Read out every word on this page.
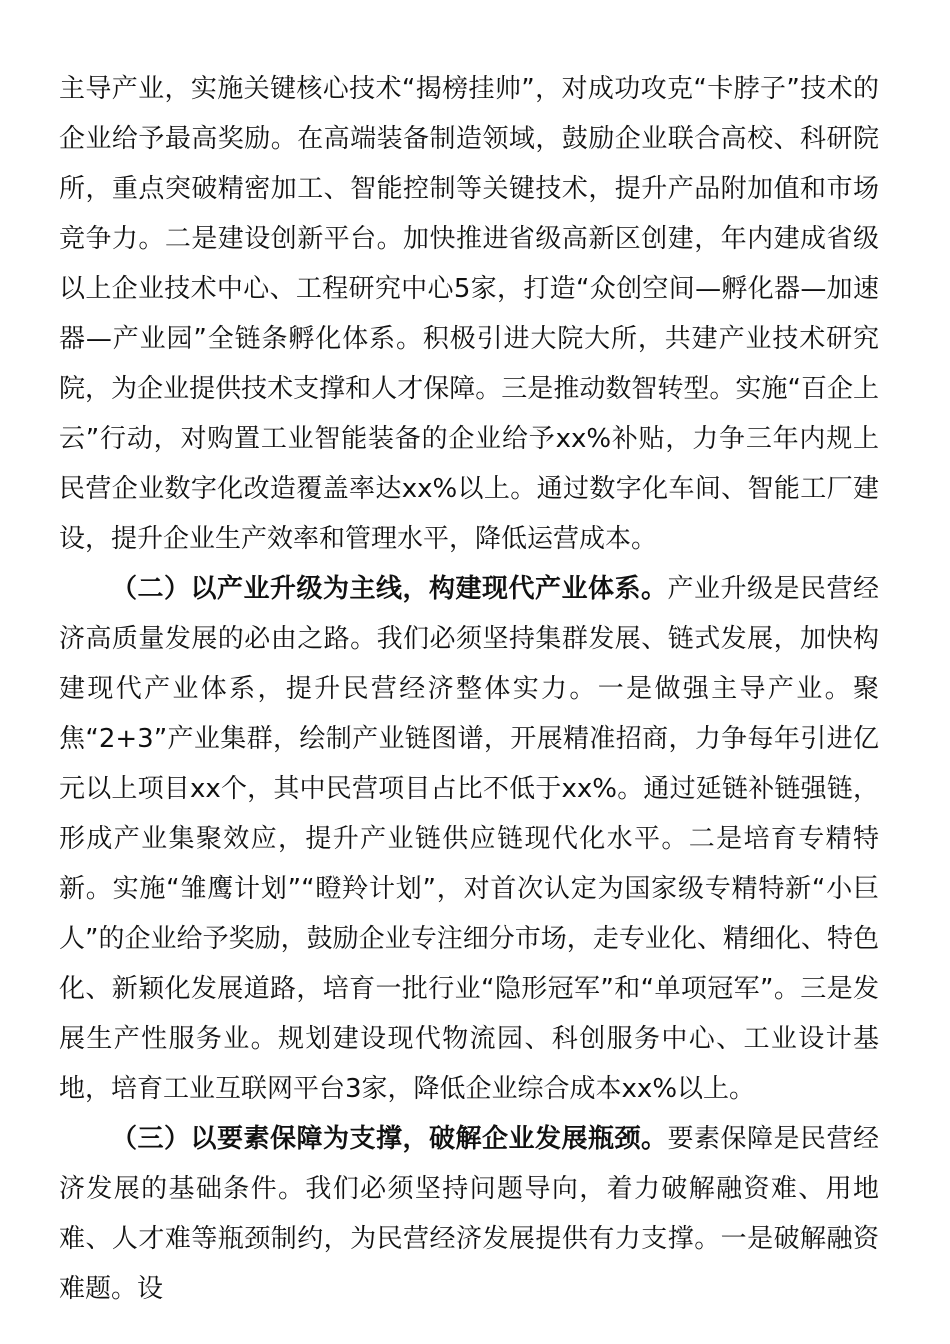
主导产业，实施关键核心技术“揭榜挂帅”，对成功攻克“卡脖子”技术的企业给予最高奖励。在高端装备制造领域，鼓励企业联合高校、科研院所，重点突破精密加工、智能控制等关键技术，提升产品附加值和市场竞争力。二是建设创新平台。加快推进省级高新区创建，年内建成省级以上企业技术中心、工程研究中心5家，打造“众创空间—孵化器—加速器—产业园”全链条孵化体系。积极引进大院大所，共建产业技术研究院，为企业提供技术支撑和人才保障。三是推动数智转型。实施“百企上云”行动，对购置工业智能装备的企业给予xx%补贴，力争三年内规上民营企业数字化改造覆盖率达xx%以上。通过数字化车间、智能工厂建设，提升企业生产效率和管理水平，降低运营成本。

（二）以产业升级为主线，构建现代产业体系。产业升级是民营经济高质量发展的必由之路。我们必须坚持集群发展、链式发展，加快构建现代产业体系，提升民营经济整体实力。一是做强主导产业。聚焦“2+3”产业集群，绘制产业链图谱，开展精准招商，力争每年引进亿元以上项目xx个，其中民营项目占比不低于xx%。通过延链补链强链，形成产业集聚效应，提升产业链供应链现代化水平。二是培育专精特新。实施“雏鹰计划”“瞪羚计划”，对首次认定为国家级专精特新“小巨人”的企业给予奖励，鼓励企业专注细分市场，走专业化、精细化、特色化、新颖化发展道路，培育一批行业“隐形冠军”和“单项冠军”。三是发展生产性服务业。规划建设现代物流园、科创服务中心、工业设计基地，培育工业互联网平台3家，降低企业综合成本xx%以上。

（三）以要素保障为支撑，破解企业发展瓶颈。要素保障是民营经济发展的基础条件。我们必须坚持问题导向，着力破解融资难、用地难、人才难等瓶颈制约，为民营经济发展提供有力支撑。一是破解融资难题。设
